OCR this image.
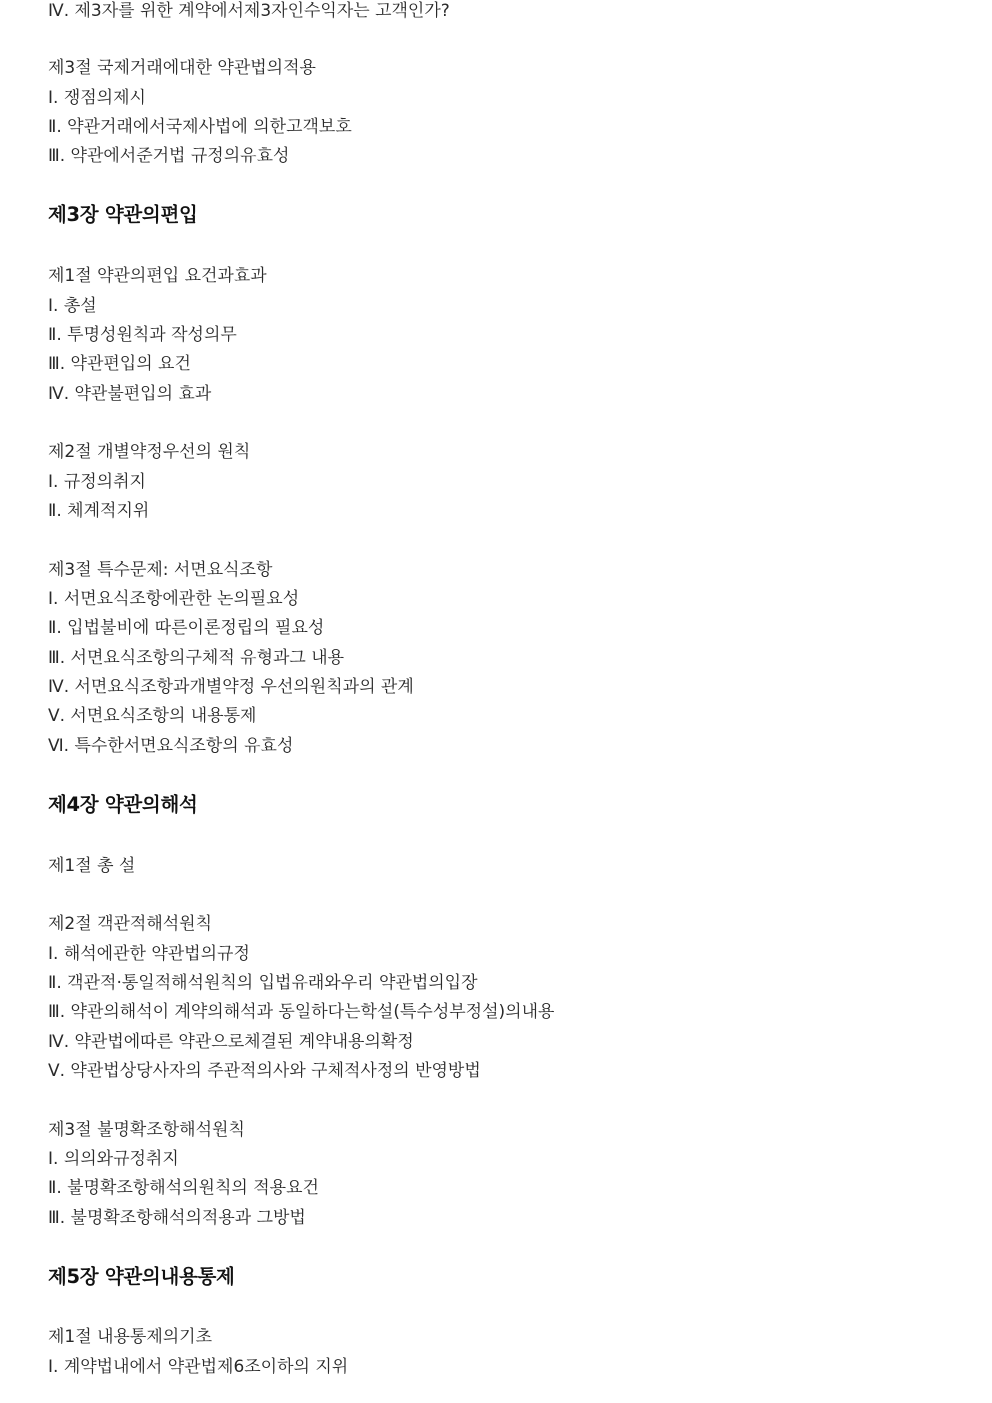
Ⅳ. 제3자를 위한 계약에서제3자인수익자는 고객인가?
제3절 국제거래에대한 약관법의적용
Ⅰ. 쟁점의제시
Ⅱ. 약관거래에서국제사법에 의한고객보호
Ⅲ. 약관에서준거법 규정의유효성
제3장 약관의편입
제1절 약관의편입 요건과효과
Ⅰ. 총설
Ⅱ. 투명성원칙과 작성의무
Ⅲ. 약관편입의 요건
Ⅳ. 약관불편입의 효과
제2절 개별약정우선의 원칙
Ⅰ. 규정의취지
Ⅱ. 체계적지위
제3절 특수문제: 서면요식조항
Ⅰ. 서면요식조항에관한 논의필요성
Ⅱ. 입법불비에 따른이론정립의 필요성
Ⅲ. 서면요식조항의구체적 유형과그 내용
Ⅳ. 서면요식조항과개별약정 우선의원칙과의 관계
Ⅴ. 서면요식조항의 내용통제
Ⅵ. 특수한서면요식조항의 유효성
제4장 약관의해석
제1절 총 설
제2절 객관적해석원칙
Ⅰ. 해석에관한 약관법의규정
Ⅱ. 객관적·통일적해석원칙의 입법유래와우리 약관법의입장
Ⅲ. 약관의해석이 계약의해석과 동일하다는학설(특수성부정설)의내용
Ⅳ. 약관법에따른 약관으로체결된 계약내용의확정
Ⅴ. 약관법상당사자의 주관적의사와 구체적사정의 반영방법
제3절 불명확조항해석원칙
Ⅰ. 의의와규정취지
Ⅱ. 불명확조항해석의원칙의 적용요건
Ⅲ. 불명확조항해석의적용과 그방법
제5장 약관의내용통제
제1절 내용통제의기초
Ⅰ. 계약법내에서 약관법제6조이하의 지위
